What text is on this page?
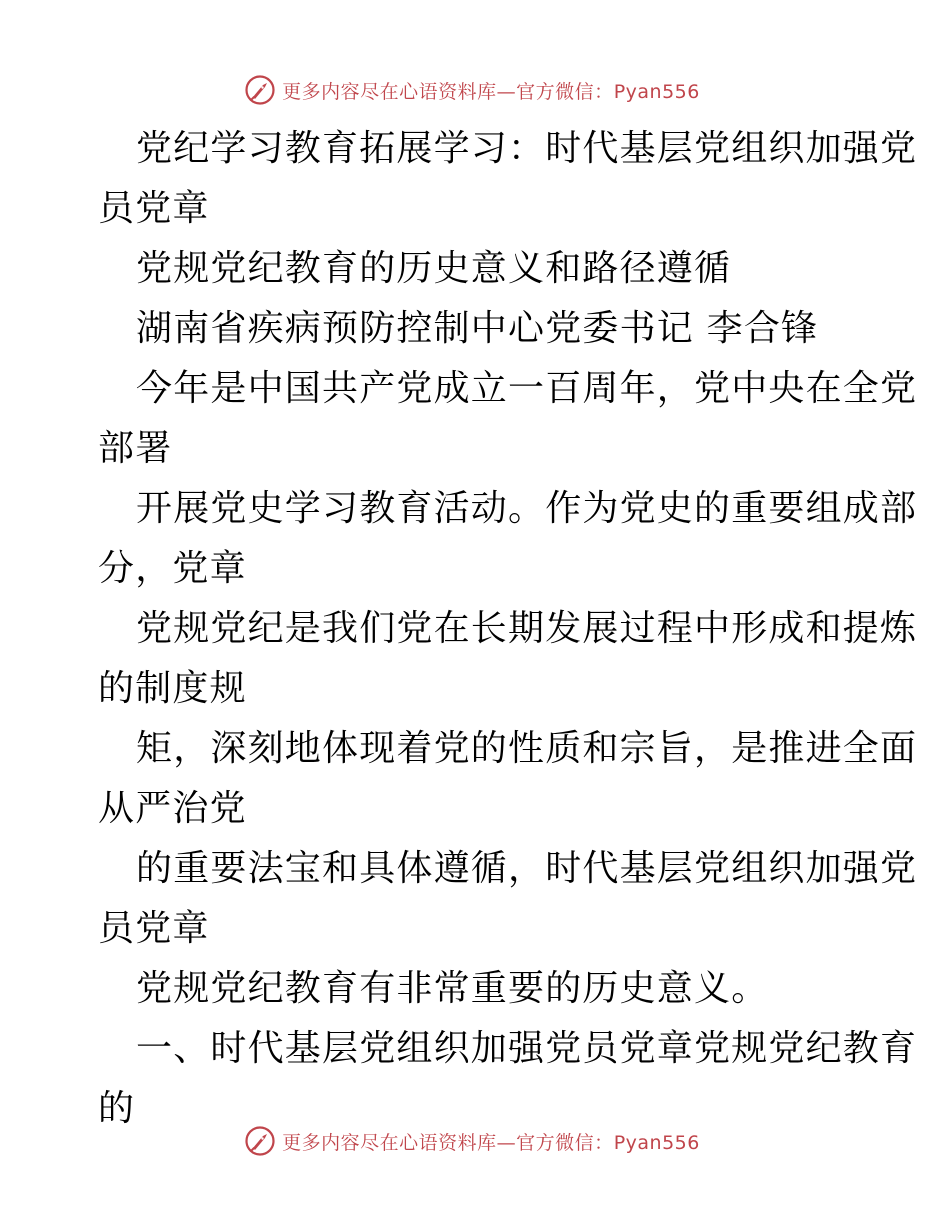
更多内容尽在心语资料库—官方微信：Pyan556
党纪学习教育拓展学习：时代基层党组织加强党
员党章
党规党纪教育的历史意义和路径遵循
湖南省疾病预防控制中心党委书记 李合锋
今年是中国共产党成立一百周年，党中央在全党
部署
开展党史学习教育活动。作为党史的重要组成部
分，党章
党规党纪是我们党在长期发展过程中形成和提炼
的制度规
矩，深刻地体现着党的性质和宗旨，是推进全面
从严治党
的重要法宝和具体遵循，时代基层党组织加强党
员党章
党规党纪教育有非常重要的历史意义。
一、时代基层党组织加强党员党章党规党纪教育
的
更多内容尽在心语资料库—官方微信：Pyan556
